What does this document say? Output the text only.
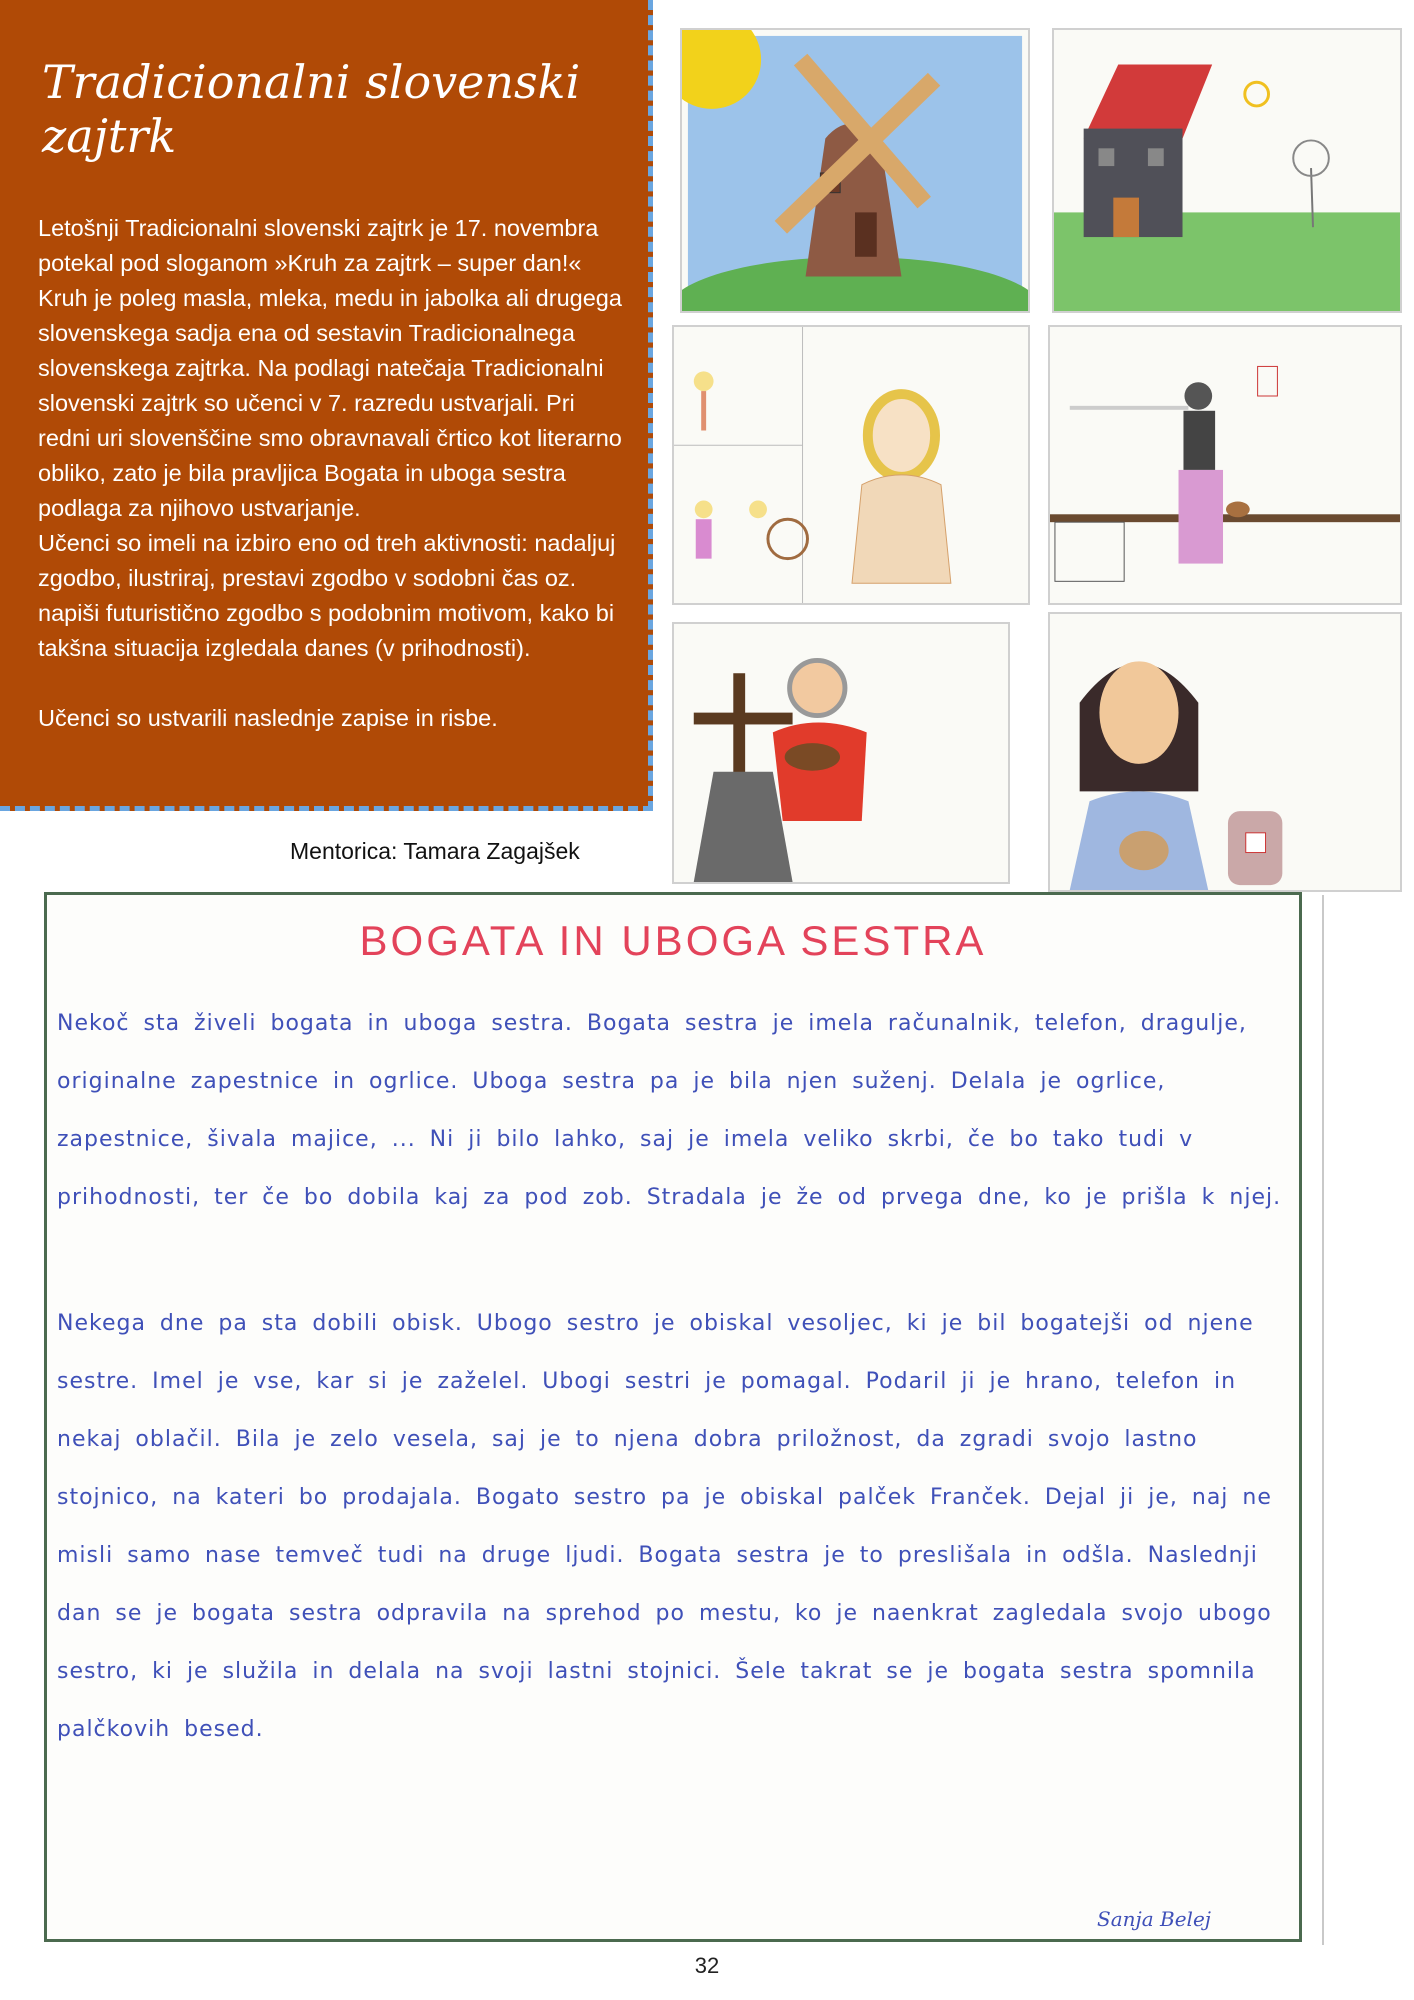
Tradicionalni slovenski zajtrk

Letošnji Tradicionalni slovenski zajtrk je 17. novembra potekal pod sloganom »Kruh za zajtrk – super dan!« Kruh je poleg masla, mleka, medu in jabolka ali drugega slovenskega sadja ena od sestavin Tradicionalnega slovenskega zajtrka. Na podlagi natečaja Tradicionalni slovenski zajtrk so učenci v 7. razredu ustvarjali. Pri redni uri slovenščine smo obravnavali črtico kot literarno obliko, zato je bila pravljica Bogata in uboga sestra podlaga za njihovo ustvarjanje.

Učenci so imeli na izbiro eno od treh aktivnosti: nadaljuj zgodbo, ilustriraj, prestavi zgodbo v sodobni čas oz. napiši futuristično zgodbo s podobnim motivom, kako bi takšna situacija izgledala danes (v prihodnosti).

Učenci so ustvarili naslednje zapise in risbe.

Mentorica: Tamara Zagajšek
BOGATA IN UBOGA SESTRA

Nekoč sta živeli bogata in uboga sestra. Bogata sestra je imela računalnik, telefon, dragulje, originalne zapestnice in ogrlice. Uboga sestra pa je bila njen suženj. Delala je ogrlice, zapestnice, šivala majice, ... Ni ji bilo lahko, saj je imela veliko skrbi, če bo tako tudi v prihodnosti, ter če bo dobila kaj za pod zob. Stradala je že od prvega dne, ko je prišla k njej.

Nekega dne pa sta dobili obisk. Ubogo sestro je obiskal vesoljec, ki je bil bogatejši od njene sestre. Imel je vse, kar si je zaželel. Ubogi sestri je pomagal. Podaril ji je hrano, telefon in nekaj oblačil. Bila je zelo vesela, saj je to njena dobra priložnost, da zgradi svojo lastno stojnico, na kateri bo prodajala. Bogato sestro pa je obiskal palček Franček. Dejal ji je, naj ne misli samo nase temveč tudi na druge ljudi. Bogata sestra je to preslišala in odšla. Naslednji dan se je bogata sestra odpravila na sprehod po mestu, ko je naenkrat zagledala svojo ubogo sestro, ki je služila in delala na svoji lastni stojnici. Šele takrat se je bogata sestra spomnila palčkovih besed.

Sanja Belej
32
